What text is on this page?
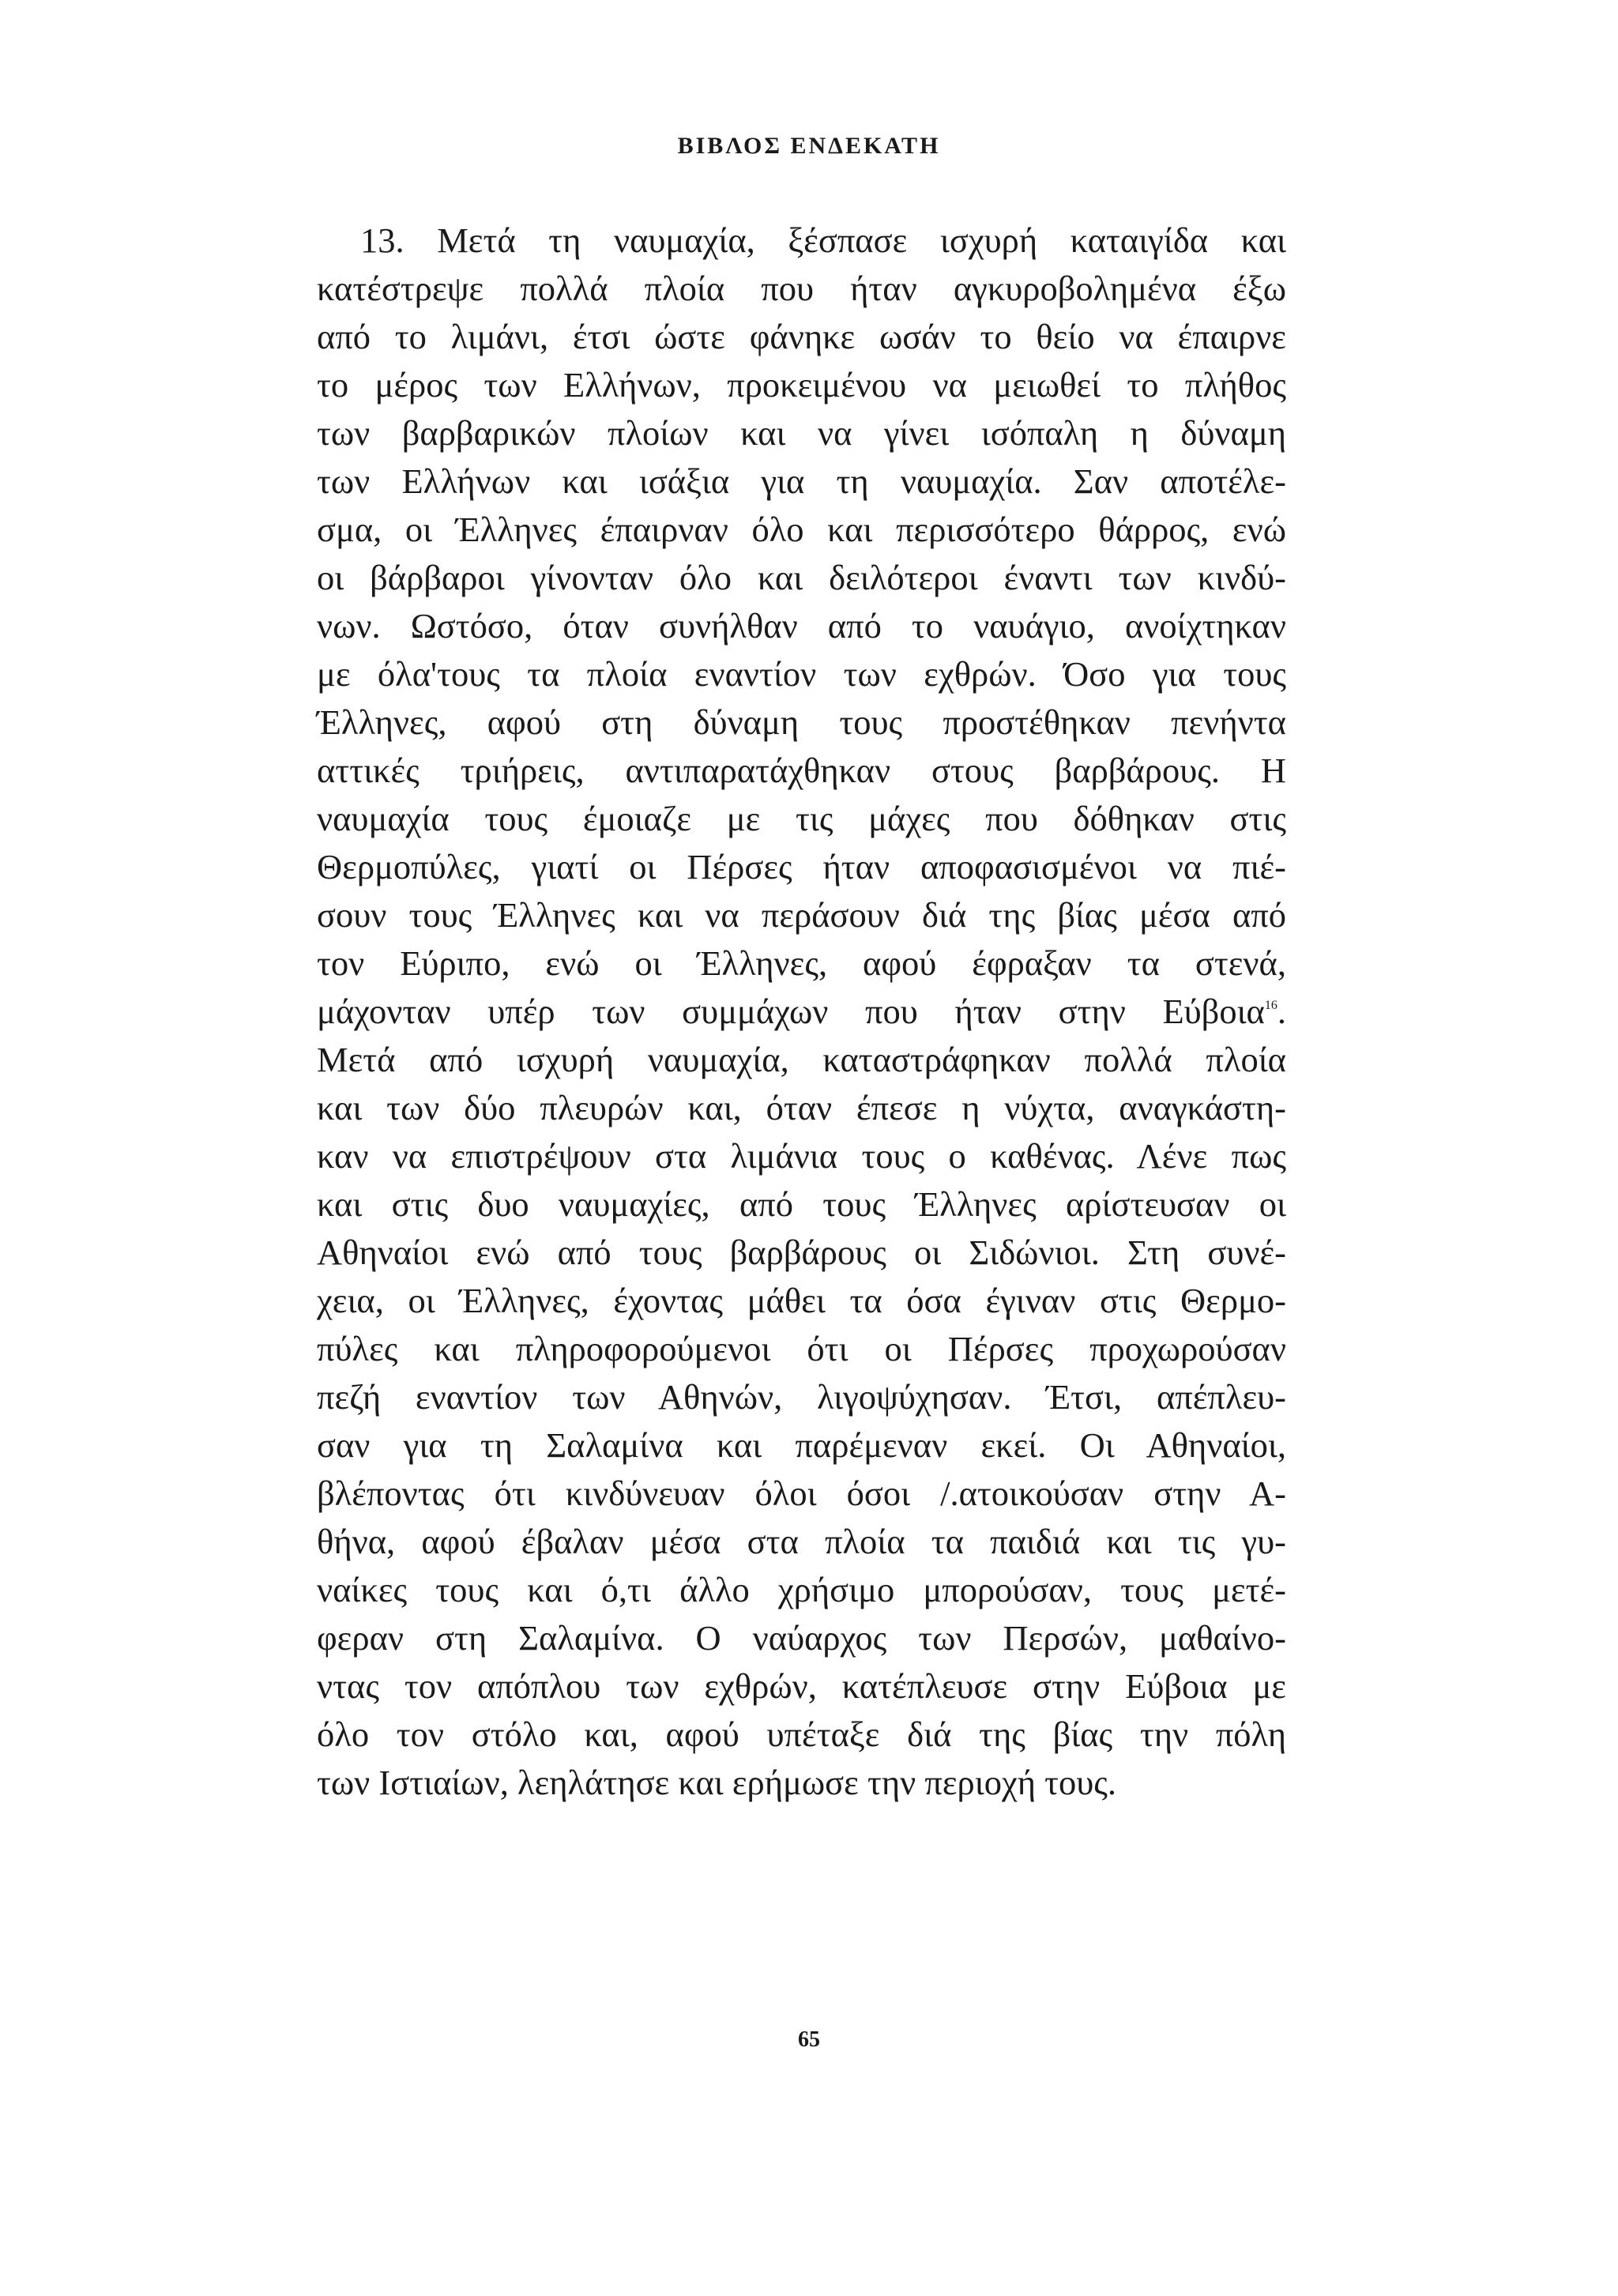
ΒΙΒΛΟΣ ΕΝΔΕΚΑΤΗ
13. Μετά τη ναυμαχία, ξέσπασε ισχυρή καταιγίδα και
κατέστρεψε πολλά πλοία που ήταν αγκυροβολημένα έξω
από το λιμάνι, έτσι ώστε φάνηκε ωσάν το θείο να έπαιρνε
το μέρος των Ελλήνων, προκειμένου να μειωθεί το πλήθος
των βαρβαρικών πλοίων και να γίνει ισόπαλη η δύναμη
των Ελλήνων και ισάξια για τη ναυμαχία. Σαν αποτέλε-
σμα, οι Έλληνες έπαιρναν όλο και περισσότερο θάρρος, ενώ
οι βάρβαροι γίνονταν όλο και δειλότεροι έναντι των κινδύ-
νων. Ωστόσο, όταν συνήλθαν από το ναυάγιο, ανοίχτηκαν
με όλα'τους τα πλοία εναντίον των εχθρών. Όσο για τους
Έλληνες, αφού στη δύναμη τους προστέθηκαν πενήντα
αττικές τριήρεις, αντιπαρατάχθηκαν στους βαρβάρους. Η
ναυμαχία τους έμοιαζε με τις μάχες που δόθηκαν στις
Θερμοπύλες, γιατί οι Πέρσες ήταν αποφασισμένοι να πιέ-
σουν τους Έλληνες και να περάσουν διά της βίας μέσα από
τον Εύριπο, ενώ οι Έλληνες, αφού έφραξαν τα στενά,
μάχονταν υπέρ των συμμάχων που ήταν στην Εύβοια$^{16}$.
Μετά από ισχυρή ναυμαχία, καταστράφηκαν πολλά πλοία
και των δύο πλευρών και, όταν έπεσε η νύχτα, αναγκάστη-
καν να επιστρέψουν στα λιμάνια τους ο καθένας. Λένε πως
και στις δυο ναυμαχίες, από τους Έλληνες αρίστευσαν οι
Αθηναίοι ενώ από τους βαρβάρους οι Σιδώνιοι. Στη συνέ-
χεια, οι Έλληνες, έχοντας μάθει τα όσα έγιναν στις Θερμο-
πύλες και πληροφορούμενοι ότι οι Πέρσες προχωρούσαν
πεζή εναντίον των Αθηνών, λιγοψύχησαν. Έτσι, απέπλευ-
σαν για τη Σαλαμίνα και παρέμεναν εκεί. Οι Αθηναίοι,
βλέποντας ότι κινδύνευαν όλοι όσοι /.ατοικούσαν στην Α-
θήνα, αφού έβαλαν μέσα στα πλοία τα παιδιά και τις γυ-
ναίκες τους και ό,τι άλλο χρήσιμο μπορούσαν, τους μετέ-
φεραν στη Σαλαμίνα. Ο ναύαρχος των Περσών, μαθαίνο-
ντας τον απόπλου των εχθρών, κατέπλευσε στην Εύβοια με
όλο τον στόλο και, αφού υπέταξε διά της βίας την πόλη
των Ιστιαίων, λεηλάτησε και ερήμωσε την περιοχή τους.
65
